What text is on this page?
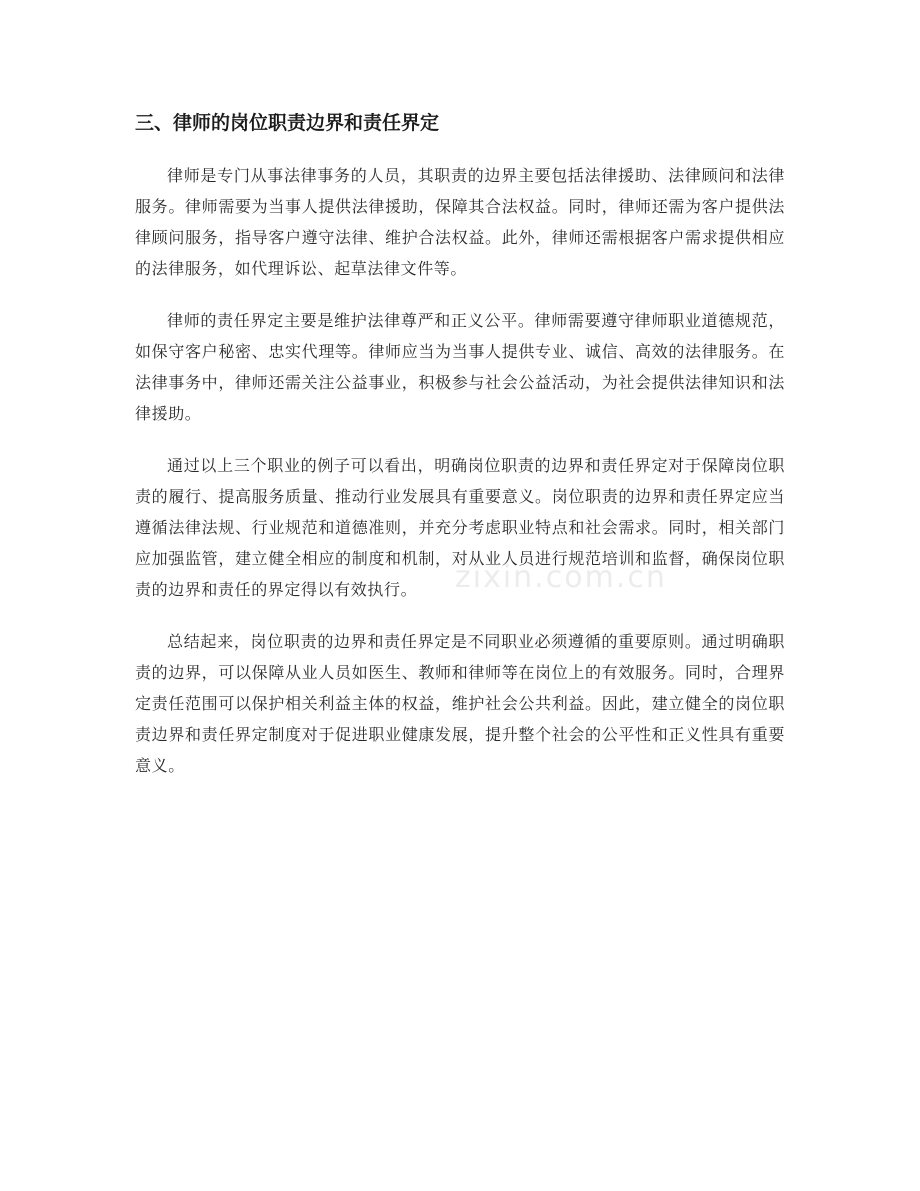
三、律师的岗位职责边界和责任界定

律师是专门从事法律事务的人员，其职责的边界主要包括法律援助、法律顾问和法律服务。律师需要为当事人提供法律援助，保障其合法权益。同时，律师还需为客户提供法律顾问服务，指导客户遵守法律、维护合法权益。此外，律师还需根据客户需求提供相应的法律服务，如代理诉讼、起草法律文件等。

律师的责任界定主要是维护法律尊严和正义公平。律师需要遵守律师职业道德规范，如保守客户秘密、忠实代理等。律师应当为当事人提供专业、诚信、高效的法律服务。在法律事务中，律师还需关注公益事业，积极参与社会公益活动，为社会提供法律知识和法律援助。

通过以上三个职业的例子可以看出，明确岗位职责的边界和责任界定对于保障岗位职责的履行、提高服务质量、推动行业发展具有重要意义。岗位职责的边界和责任界定应当遵循法律法规、行业规范和道德准则，并充分考虑职业特点和社会需求。同时，相关部门应加强监管，建立健全相应的制度和机制，对从业人员进行规范培训和监督，确保岗位职责的边界和责任的界定得以有效执行。

总结起来，岗位职责的边界和责任界定是不同职业必须遵循的重要原则。通过明确职责的边界，可以保障从业人员如医生、教师和律师等在岗位上的有效服务。同时，合理界定责任范围可以保护相关利益主体的权益，维护社会公共利益。因此，建立健全的岗位职责边界和责任界定制度对于促进职业健康发展，提升整个社会的公平性和正义性具有重要意义。

zixin.com.cn
